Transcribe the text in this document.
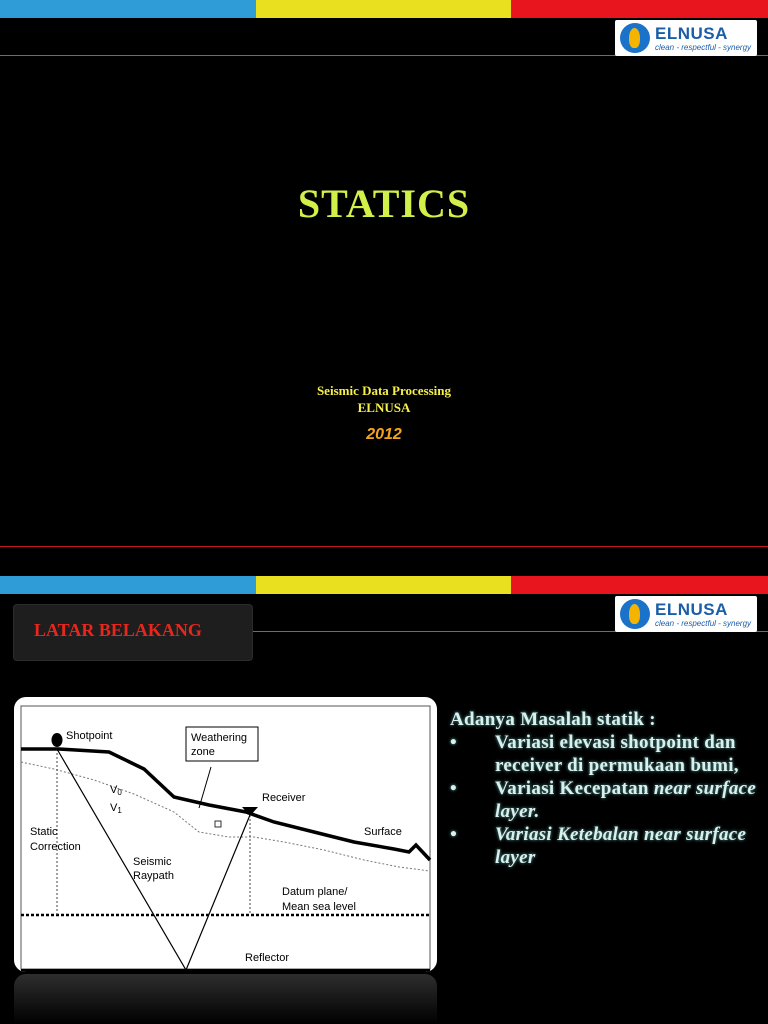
ELNUSA
clean - respectful - synergy
STATICS
Seismic Data Processing
ELNUSA
2012
ELNUSA
clean - respectful - synergy
LATAR BELAKANG
Shotpoint	Weathering
zone
Receiver
V0
V1
Surface
Static
Correction
Seismic
Raypath
Datum plane/
Mean sea level
Reflector

Adanya Masalah statik :

• Variasi elevasi shotpoint dan receiver di permukaan bumi,
• Variasi Kecepatan near surface layer.
• Variasi Ketebalan near surface layer
